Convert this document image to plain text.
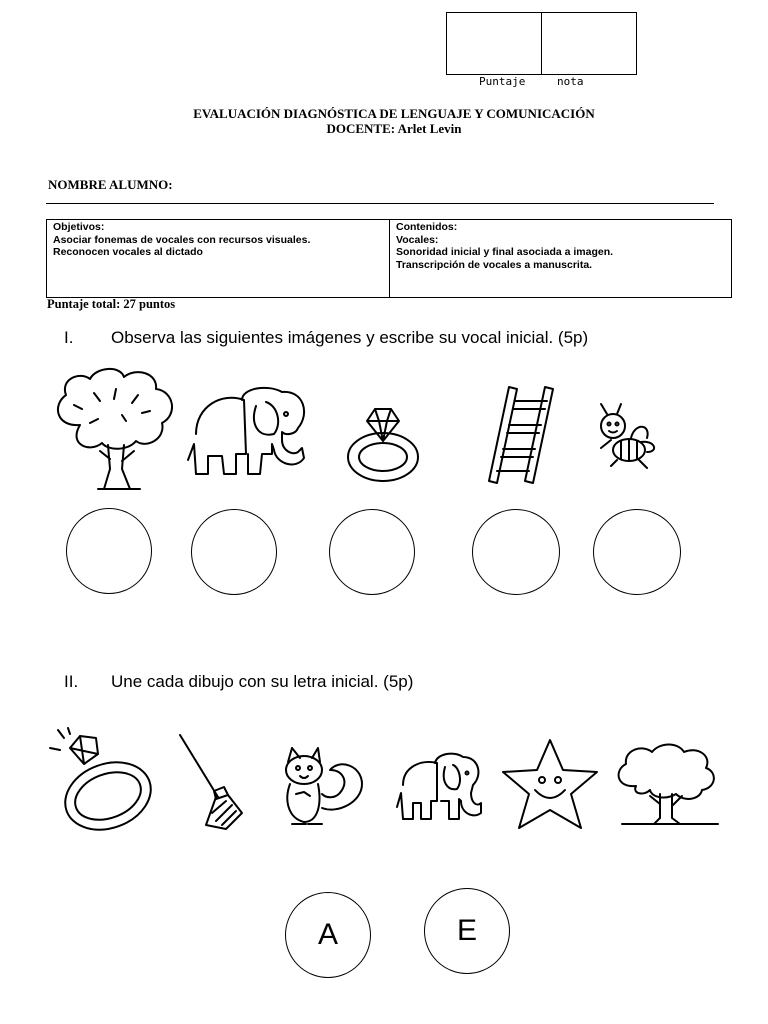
Puntaje	nota
EVALUACIÓN DIAGNÓSTICA DE LENGUAJE Y COMUNICACIÓN
DOCENTE: Arlet Levin
NOMBRE ALUMNO:
Objetivos:
Asociar fonemas de vocales con recursos visuales.
Reconocen vocales al dictado
Contenidos:
Vocales:
Sonoridad inicial y final asociada a imagen.
Transcripción de vocales a manuscrita.
Puntaje total: 27 puntos
I. Observa las siguientes imágenes y escribe su vocal inicial. (5p)
II. Une cada dibujo con su letra inicial. (5p)
A	E
